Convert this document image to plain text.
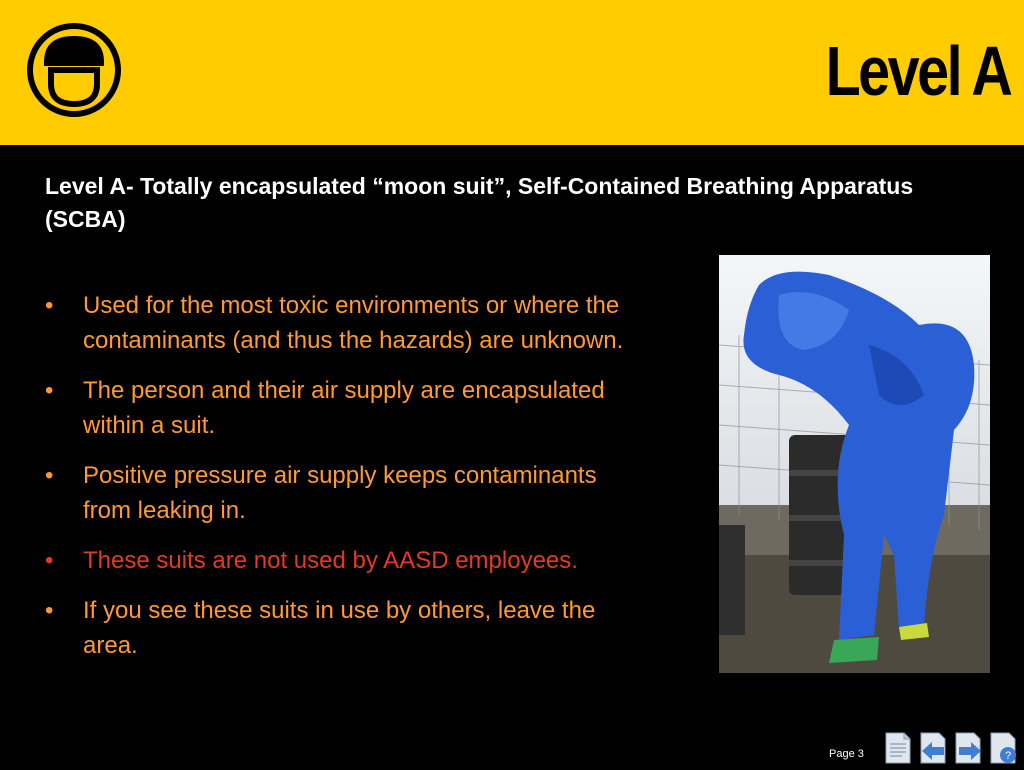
Level A
Level A- Totally encapsulated “moon suit”, Self-Contained Breathing Apparatus (SCBA)
• Used for the most toxic environments or where the contaminants (and thus the hazards) are unknown.
• The person and their air supply are encapsulated within a suit.
• Positive pressure air supply keeps contaminants from leaking in.
• These suits are not used by AASD employees.
• If you see these suits in use by others, leave the area.
Page 3	?
